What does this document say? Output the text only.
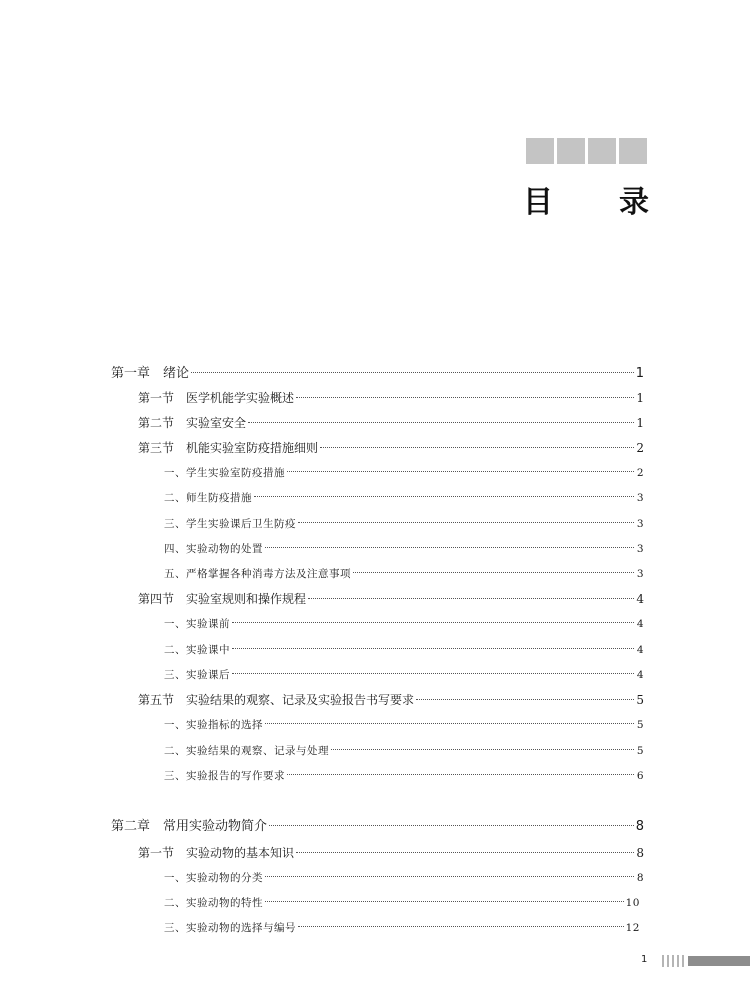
目 录
第一章　绪论	1
第一节　医学机能学实验概述	1
第二节　实验室安全	1
第三节　机能实验室防疫措施细则	2
一、学生实验室防疫措施	2
二、师生防疫措施	3
三、学生实验课后卫生防疫	3
四、实验动物的处置	3
五、严格掌握各种消毒方法及注意事项	3
第四节　实验室规则和操作规程	4
一、实验课前	4
二、实验课中	4
三、实验课后	4
第五节　实验结果的观察、记录及实验报告书写要求	5
一、实验指标的选择	5
二、实验结果的观察、记录与处理	5
三、实验报告的写作要求	6
第二章　常用实验动物简介	8
第一节　实验动物的基本知识	8
一、实验动物的分类	8
二、实验动物的特性	10
三、实验动物的选择与编号	12
1
